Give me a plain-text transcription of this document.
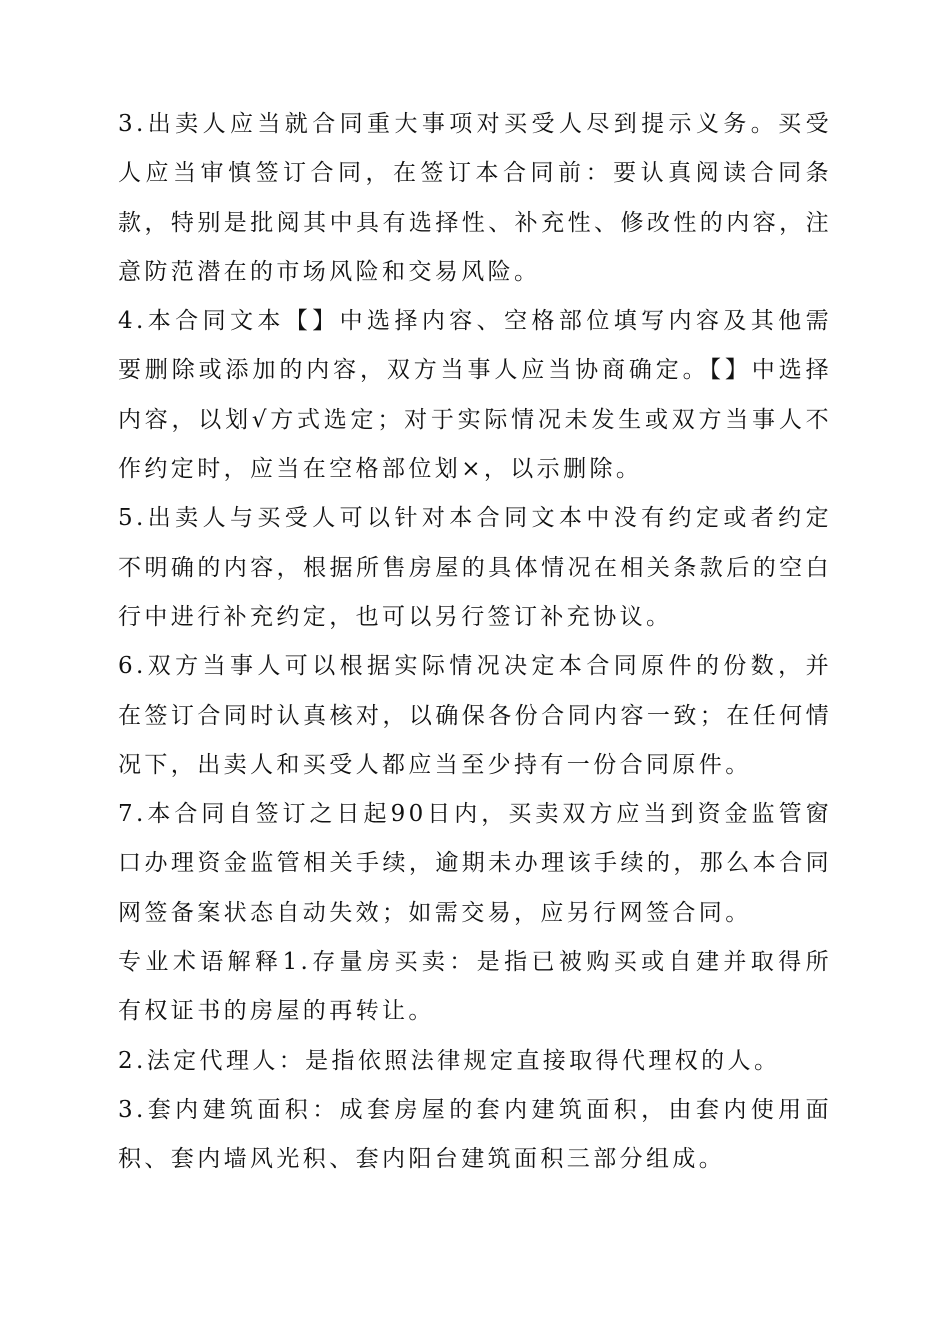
3.出卖人应当就合同重大事项对买受人尽到提示义务。买受人应当审慎签订合同，在签订本合同前：要认真阅读合同条款，特别是批阅其中具有选择性、补充性、修改性的内容，注意防范潜在的市场风险和交易风险。

4.本合同文本【】中选择内容、空格部位填写内容及其他需要删除或添加的内容，双方当事人应当协商确定。【】中选择内容，以划√方式选定；对于实际情况未发生或双方当事人不作约定时，应当在空格部位划×，以示删除。

5.出卖人与买受人可以针对本合同文本中没有约定或者约定不明确的内容，根据所售房屋的具体情况在相关条款后的空白行中进行补充约定，也可以另行签订补充协议。

6.双方当事人可以根据实际情况决定本合同原件的份数，并在签订合同时认真核对，以确保各份合同内容一致；在任何情况下，出卖人和买受人都应当至少持有一份合同原件。

7.本合同自签订之日起90日内，买卖双方应当到资金监管窗口办理资金监管相关手续，逾期未办理该手续的，那么本合同网签备案状态自动失效；如需交易，应另行网签合同。

专业术语解释1.存量房买卖：是指已被购买或自建并取得所有权证书的房屋的再转让。

2.法定代理人：是指依照法律规定直接取得代理权的人。

3.套内建筑面积：成套房屋的套内建筑面积，由套内使用面积、套内墙风光积、套内阳台建筑面积三部分组成。
